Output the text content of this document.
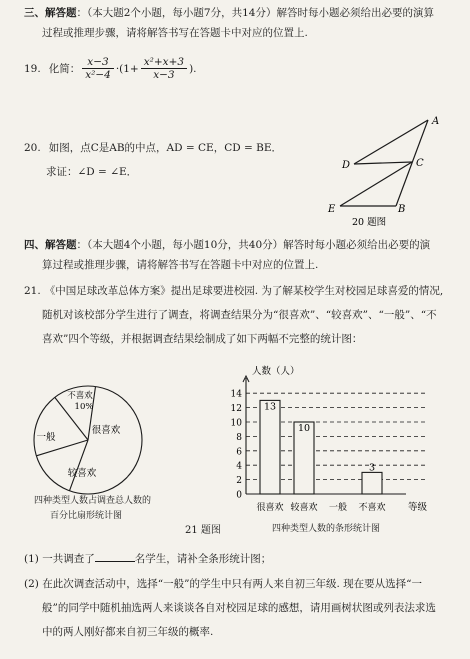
三、解答题：（本大题2个小题，每小题7分，共14分）解答时每小题必须给出必要的演算
过程或推理步骤，请将解答书写在答题卡中对应的位置上.
19. 化简： $\frac{x-3}{\text{x²−4}} \cdot (1+ \frac{\text{x²+x+3}}{x-3}$ ).
20. 如图，点C是AB的中点，AD = CE，CD = BE．
求证：∠D = ∠E．
A
C
D
E	B
20 题图
四、解答题：（本大题4个小题，每小题10分，共40分）解答时每小题必须给出必要的演
算过程或推理步骤，请将解答书写在答题卡中对应的位置上.
21. 《中国足球改革总体方案》提出足球要进校园. 为了解某校学生对校园足球喜爱的情况,
随机对该校部分学生进行了调查，将调查结果分为“很喜欢”、“较喜欢”、“一般”、“不
喜欢”四个等级，并根据调查结果绘制成了如下两幅不完整的统计图：
很喜欢
较喜欢
一般
不喜欢
10%
四种类型人数占调查总人数的
百分比扇形统计图
0
2
4
6
8
10
12
14
13
10
3
很喜欢 较喜欢 一般 不喜欢
人数（人）
等级
四种类型人数的条形统计图
21 题图
(1) 一共调查了	名学生，请补全条形统计图；
(2) 在此次调查活动中，选择“一般”的学生中只有两人来自初三年级. 现在要从选择“一
般”的同学中随机抽选两人来谈谈各自对校园足球的感想，请用画树状图或列表法求选
中的两人刚好都来自初三年级的概率.
